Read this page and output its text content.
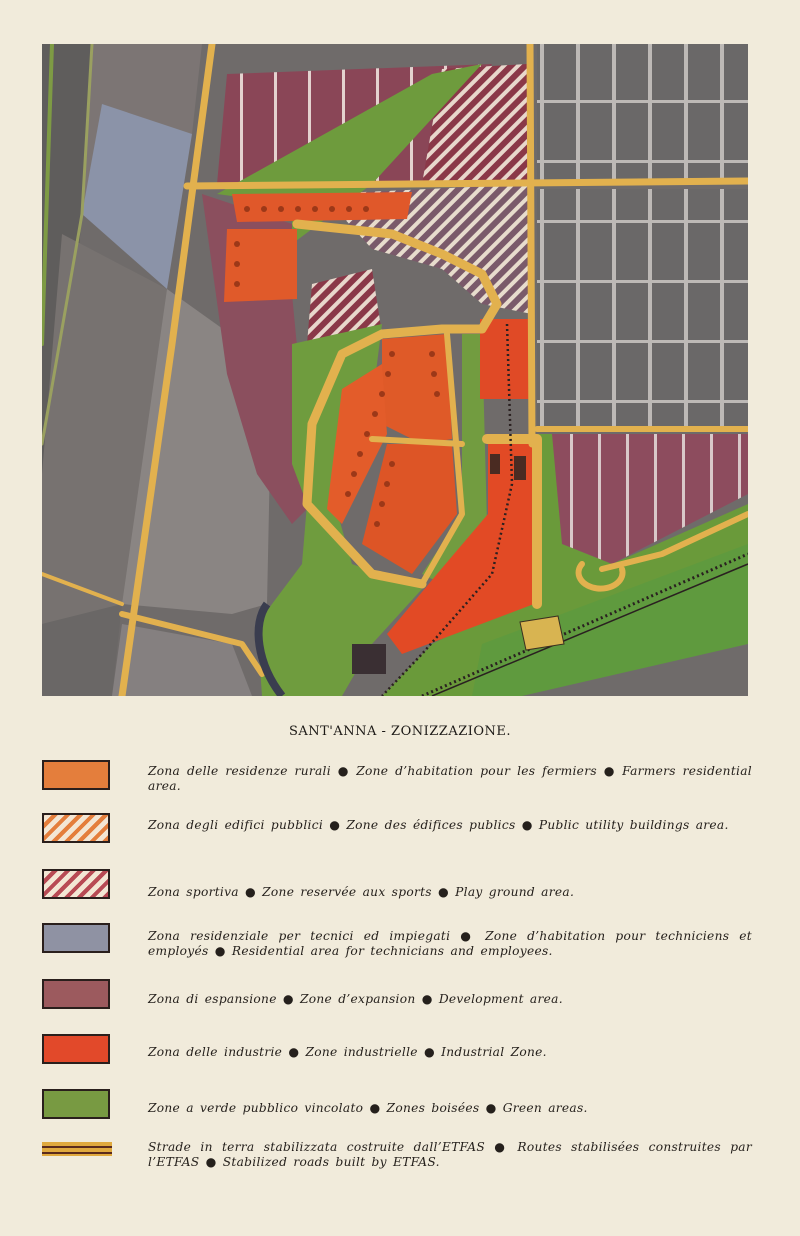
SANT'ANNA - ZONIZZAZIONE.
Zona delle residenze rurali ● Zone d’habitation pour les fermiers ● Farmers residential area.
Zona degli edifici pubblici ● Zone des édifices publics ● Public utility buildings area.
Zona sportiva ● Zone reservée aux sports ● Play ground area.
Zona residenziale per tecnici ed impiegati ● Zone d’habitation pour techniciens et employés ● Residential area for technicians and employees.
Zona di espansione ● Zone d’expansion ● Development area.
Zona delle industrie ● Zone industrielle ● Industrial Zone.
Zone a verde pubblico vincolato ● Zones boisées ● Green areas.
Strade in terra stabilizzata costruite dall’ETFAS ● Routes stabilisées construites par l’ETFAS ● Stabilized roads built by ETFAS.
